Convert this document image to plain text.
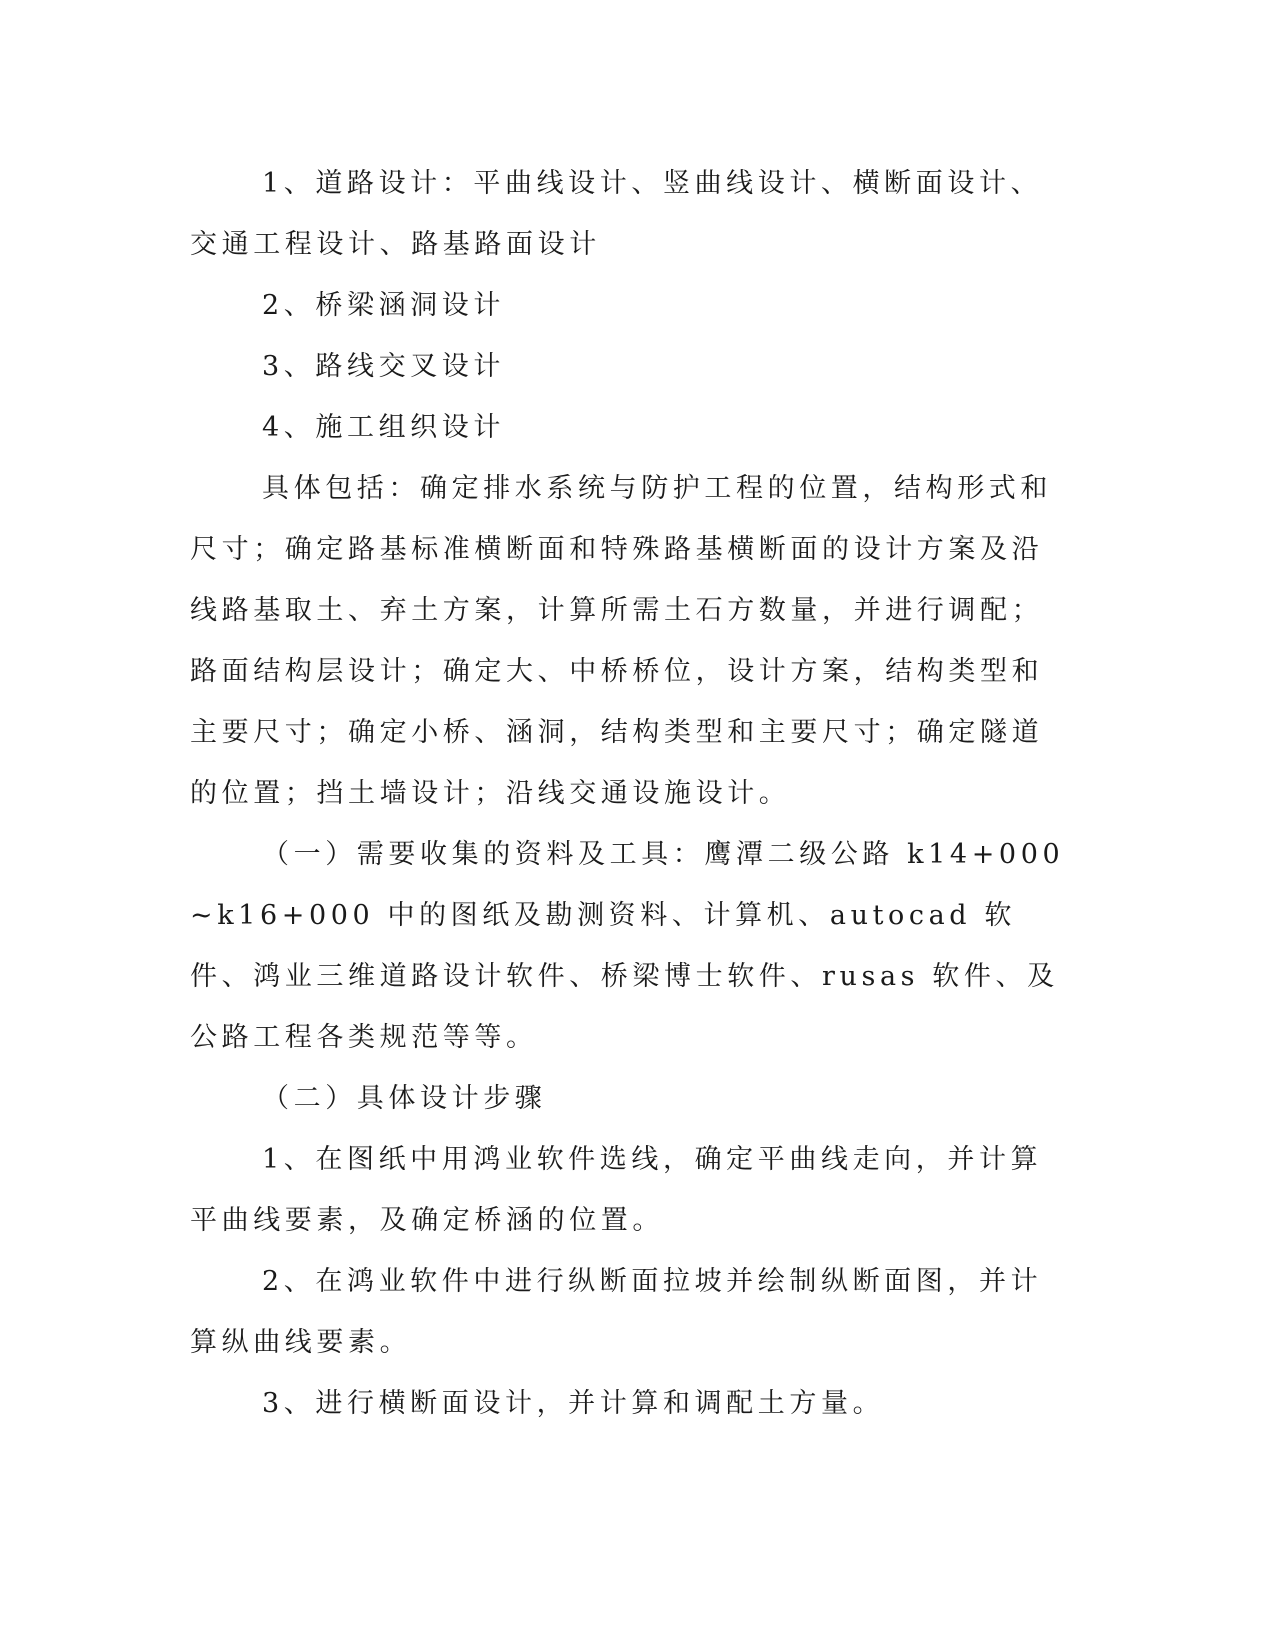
1、道路设计：平曲线设计、竖曲线设计、横断面设计、交通工程设计、路基路面设计

2、桥梁涵洞设计

3、路线交叉设计

4、施工组织设计

具体包括：确定排水系统与防护工程的位置，结构形式和尺寸；确定路基标准横断面和特殊路基横断面的设计方案及沿线路基取土、弃土方案，计算所需土石方数量，并进行调配；路面结构层设计；确定大、中桥桥位，设计方案，结构类型和主要尺寸；确定小桥、涵洞，结构类型和主要尺寸；确定隧道的位置；挡土墙设计；沿线交通设施设计。

（一）需要收集的资料及工具：鹰潭二级公路 k14+000~k16+000 中的图纸及勘测资料、计算机、autocad 软件、鸿业三维道路设计软件、桥梁博士软件、rusas 软件、及公路工程各类规范等等。

（二）具体设计步骤

1、在图纸中用鸿业软件选线，确定平曲线走向，并计算平曲线要素，及确定桥涵的位置。

2、在鸿业软件中进行纵断面拉坡并绘制纵断面图，并计算纵曲线要素。

3、进行横断面设计，并计算和调配土方量。
